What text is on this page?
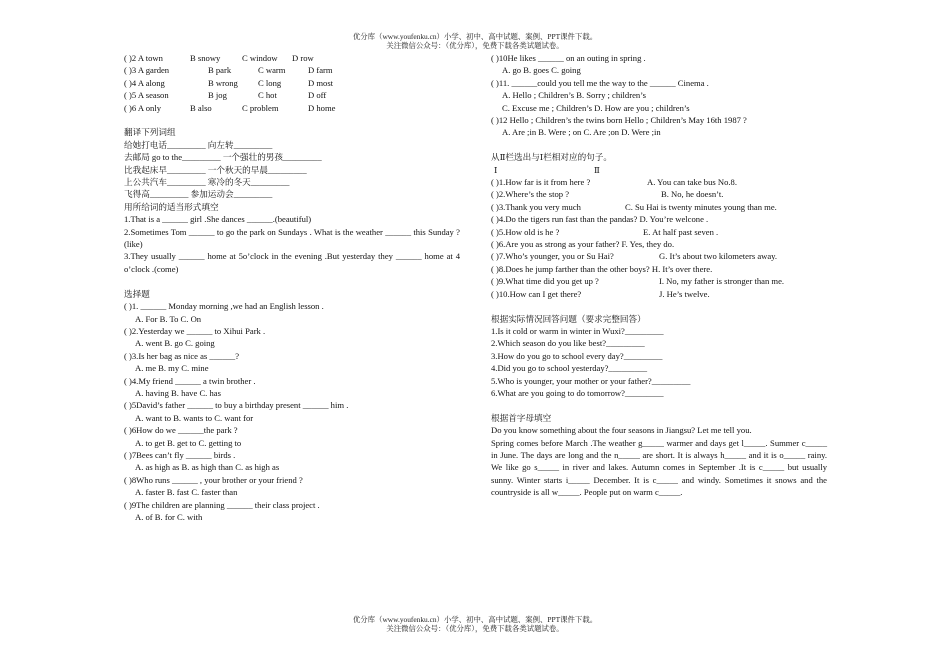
优分库（www.youfenku.cn）小学、初中、高中试题、案例、PPT课件下载。
关注微信公众号：（优分库），免费下载各类试题试卷。
( )2 A town	B snowy	C window D row
( )3 A garden	B park	C warm	D farm
( )4 A along	B wrong C long	D most
( )5 A season	B jog	C hot	D off
( )6 A only	B also	C problem	D home
翻译下列词组
给她打电话_________ 向左转_________
去邮局 go to the_________ 一个强壮的男孩_________
比我起床早_________ 一个秋天的早晨_________
上公共汽车_________ 寒冷的冬天_________
飞得高_________ 参加运动会_________
用所给词的适当形式填空
1.That is a ______ girl .She dances ______.(beautiful)
2.Sometimes Tom ______ to go the park on Sundays . What is the weather ______ this Sunday ?(like)
3.They usually ______ home at 5o’clock in the evening .But yesterday they ______ home at 4 o’clock .(come)
选择题
( )1. ______ Monday morning ,we had an English lesson .
A. For B. To C. On
( )2.Yesterday we ______ to Xihui Park .
A. went B. go C. going
( )3.Is her bag as nice as ______?
A. me B. my C. mine
( )4.My friend ______ a twin brother .
A. having B. have C. has
( )5David’s father ______ to buy a birthday present ______ him .
A. want to B. wants to C. want for
( )6How do we ______the park ?
A. to get B. get to C. getting to
( )7Bees can’t fly ______ birds .
A. as high as B. as high than C. as high as
( )8Who runs ______ , your brother or your friend ?
A. faster B. fast C. faster than
( )9The children are planning ______ their class project .
A. of B. for C. with
( )10He likes ______ on an outing in spring .
A. go B. goes C. going
( )11. ______could you tell me the way to the ______ Cinema .
A. Hello ; Children’s B. Sorry ; children’s
C. Excuse me ; Children’s D. How are you ; children’s
( )12 Hello ; Children’s the twins born Hello ; Children’s May 16th 1987 ?
A. Are ;in B. Were ; on C. Are ;on D. Were ;in
从Ⅱ栏选出与Ⅰ栏相对应的句子。
Ⅰ	Ⅱ
( )1.How far is it from here ?	A. You can take bus No.8.
( )2.Where’s the stop ?	B. No, he doesn’t.
( )3.Thank you very much	C. Su Hai is twenty minutes young than me.
( )4.Do the tigers run fast than the pandas? D. You’re welcone .
( )5.How old is he ?	E. At half past seven .
( )6.Are you as strong as your father? F. Yes, they do.
( )7.Who’s younger, you or Su Hai?	G. It’s about two kilometers away.
( )8.Does he jump farther than the other boys? H. It’s over there.
( )9.What time did you get up ?	I. No, my father is stronger than me.
( )10.How can I get there?	J. He’s twelve.
根据实际情况回答问题（要求完整回答）
1.Is it cold or warm in winter in Wuxi?_________
2.Which season do you like best?_________
3.How do you go to school every day?_________
4.Did you go to school yesterday?_________
5.Who is younger, your mother or your father?_________
6.What are you going to do tomorrow?_________
根据首字母填空
Do you know something about the four seasons in Jiangsu? Let me tell you.
Spring comes before March .The weather g_____ warmer and days get l_____. Summer c_____ in June. The days are long and the n_____ are short. It is always h_____ and it is o_____ rainy. We like go s_____ in river and lakes. Autumn comes in September .It is c_____ but usually sunny. Winter starts i_____ December. It is c_____ and windy. Sometimes it snows and the countryside is all w_____. People put on warm c_____.
优分库（www.youfenku.cn）小学、初中、高中试题、案例、PPT课件下载。
关注微信公众号：（优分库），免费下载各类试题试卷。
